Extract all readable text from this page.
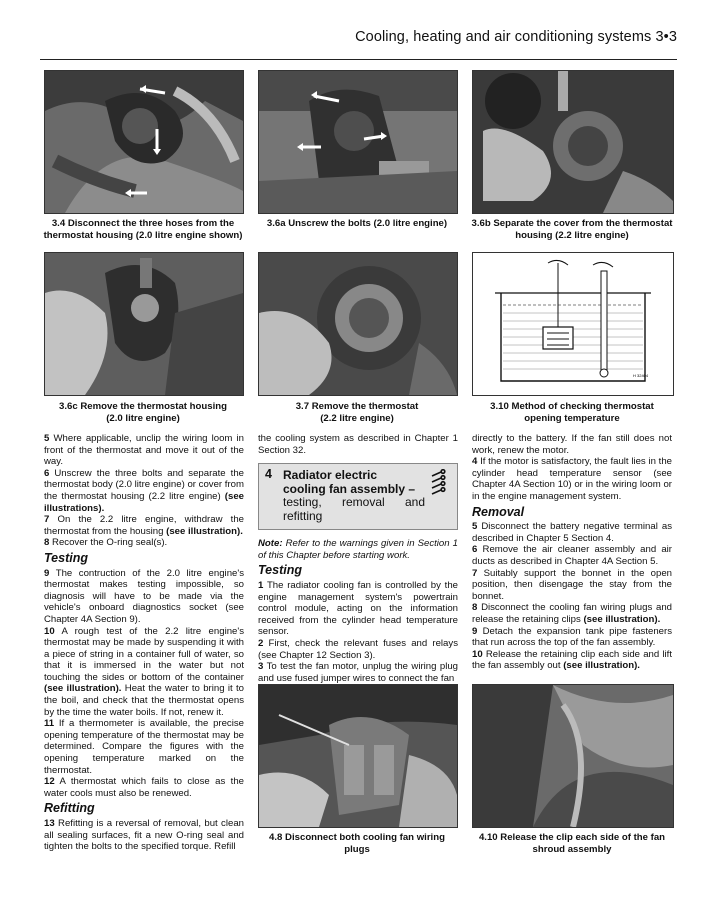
Cooling, heating and air conditioning systems 3•3
3.4 Disconnect the three hoses from the thermostat housing (2.0 litre engine shown)
3.6a Unscrew the bolts (2.0 litre engine)	3.6b Separate the cover from the thermostat housing (2.2 litre engine)
H 32404
3.6c Remove the thermostat housing (2.0 litre engine)
3.7 Remove the thermostat (2.2 litre engine)
3.10 Method of checking thermostat opening temperature

5 Where applicable, unclip the wiring loom in front of the thermostat and move it out of the way.

6 Unscrew the three bolts and separate the thermostat body (2.0 litre engine) or cover from the thermostat housing (2.2 litre engine) (see illustrations).

7 On the 2.2 litre engine, withdraw the thermostat from the housing (see illustration).

8 Recover the O-ring seal(s).

Testing

9 The contruction of the 2.0 litre engine's thermostat makes testing impossible, so diagnosis will have to be made via the vehicle's onboard diagnostics socket (see Chapter 4A Section 9).

10 A rough test of the 2.2 litre engine's thermostat may be made by suspending it with a piece of string in a container full of water, so that it is immersed in the water but not touching the sides or bottom of the container (see illustration). Heat the water to bring it to the boil, and check that the thermostat opens by the time the water boils. If not, renew it.

11 If a thermometer is available, the precise opening temperature of the thermostat may be determined. Compare the figures with the opening temperature marked on the thermostat.

12 A thermostat which fails to close as the water cools must also be renewed.

Refitting

13 Refitting is a reversal of removal, but clean all sealing surfaces, fit a new O-ring seal and tighten the bolts to the specified torque. Refill

the cooling system as described in Chapter 1 Section 32.

4 Radiator electric
cooling fan assembly –
testing, removal and refitting

Note: Refer to the warnings given in Section 1 of this Chapter before starting work.

Testing

1 The radiator cooling fan is controlled by the engine management system's powertrain control module, acting on the information received from the cylinder head temperature sensor.

2 First, check the relevant fuses and relays (see Chapter 12 Section 3).

3 To test the fan motor, unplug the wiring plug and use fused jumper wires to connect the fan

directly to the battery. If the fan still does not work, renew the motor.

4 If the motor is satisfactory, the fault lies in the cylinder head temperature sensor (see Chapter 4A Section 10) or in the wiring loom or in the engine management system.

Removal

5 Disconnect the battery negative terminal as described in Chapter 5 Section 4.

6 Remove the air cleaner assembly and air ducts as described in Chapter 4A Section 5.

7 Suitably support the bonnet in the open position, then disengage the stay from the bonnet.

8 Disconnect the cooling fan wiring plugs and release the retaining clips (see illustration).

9 Detach the expansion tank pipe fasteners that run across the top of the fan assembly.

10 Release the retaining clip each side and lift the fan assembly out (see illustration).

4.8 Disconnect both cooling fan wiring plugs
4.10 Release the clip each side of the fan shroud assembly
